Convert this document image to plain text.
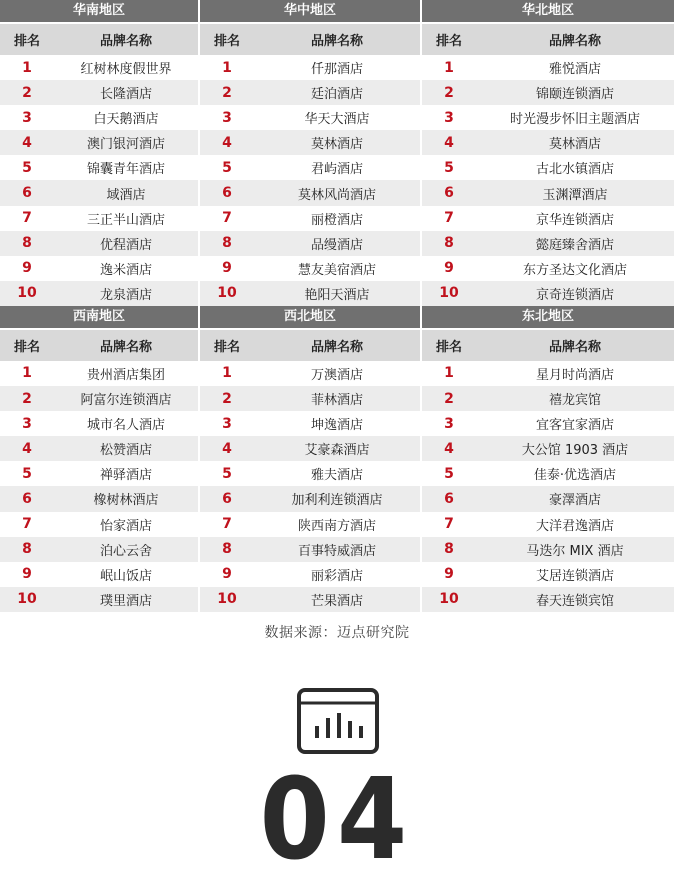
华南地区
排名	品牌名称
1	红树林度假世界
2	长隆酒店
3	白天鹅酒店
4	澳门银河酒店
5	锦囊青年酒店
6	域酒店
7	三正半山酒店
8	优程酒店
9	逸米酒店
10	龙泉酒店
华中地区
排名	品牌名称
1	仟那酒店
2	廷泊酒店
3	华天大酒店
4	莫林酒店
5	君屿酒店
6	莫林风尚酒店
7	丽橙酒店
8	品缦酒店
9	慧友美宿酒店
10	艳阳天酒店
华北地区
排名	品牌名称
1	雅悦酒店
2	锦颐连锁酒店
3	时光漫步怀旧主题酒店
4	莫林酒店
5	古北水镇酒店
6	玉渊潭酒店
7	京华连锁酒店
8	懿庭臻舍酒店
9	东方圣达文化酒店
10	京奇连锁酒店
西南地区
排名	品牌名称
1	贵州酒店集团
2	阿富尔连锁酒店
3	城市名人酒店
4	松赞酒店
5	禅驿酒店
6	橡树林酒店
7	怡家酒店
8	泊心云舍
9	岷山饭店
10	璞里酒店
西北地区
排名	品牌名称
1	万澳酒店
2	菲林酒店
3	坤逸酒店
4	艾豪森酒店
5	雅夫酒店
6	加利利连锁酒店
7	陕西南方酒店
8	百事特威酒店
9	丽彩酒店
10	芒果酒店
东北地区
排名	品牌名称
1	星月时尚酒店
2	禧龙宾馆
3	宜客宜家酒店
4	大公馆 1903 酒店
5	佳泰·优选酒店
6	豪澤酒店
7	大洋君逸酒店
8	马迭尔 MIX 酒店
9	艾居连锁酒店
10	春天连锁宾馆
数据来源：迈点研究院
04
